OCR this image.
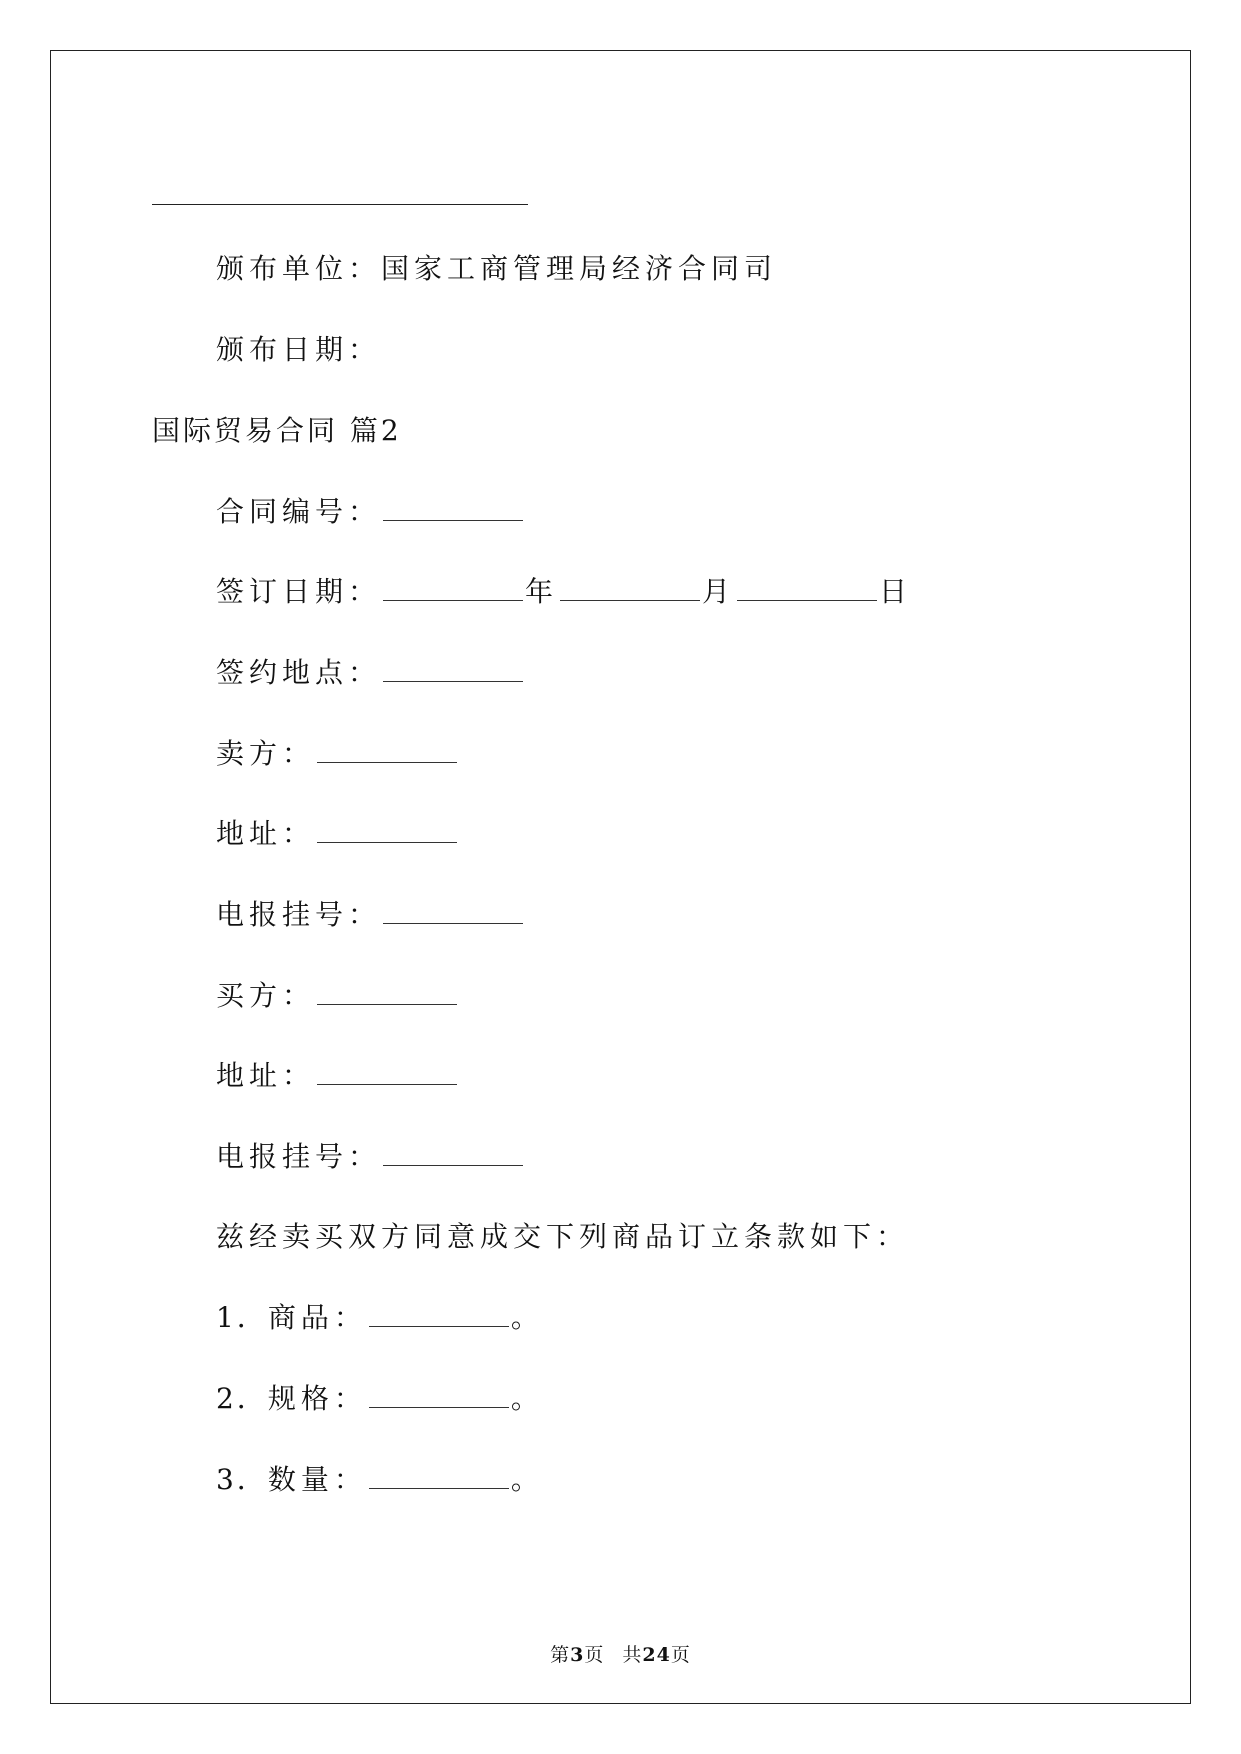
颁布单位：国家工商管理局经济合同司
颁布日期：
国际贸易合同 篇2
合同编号：
签订日期：	年	月	日
签约地点：
卖方：
地址：
电报挂号：
买方：
地址：
电报挂号：
兹经卖买双方同意成交下列商品订立条款如下：
1．商品：	。
2．规格：	。
3．数量：	。
第3页 共24页
